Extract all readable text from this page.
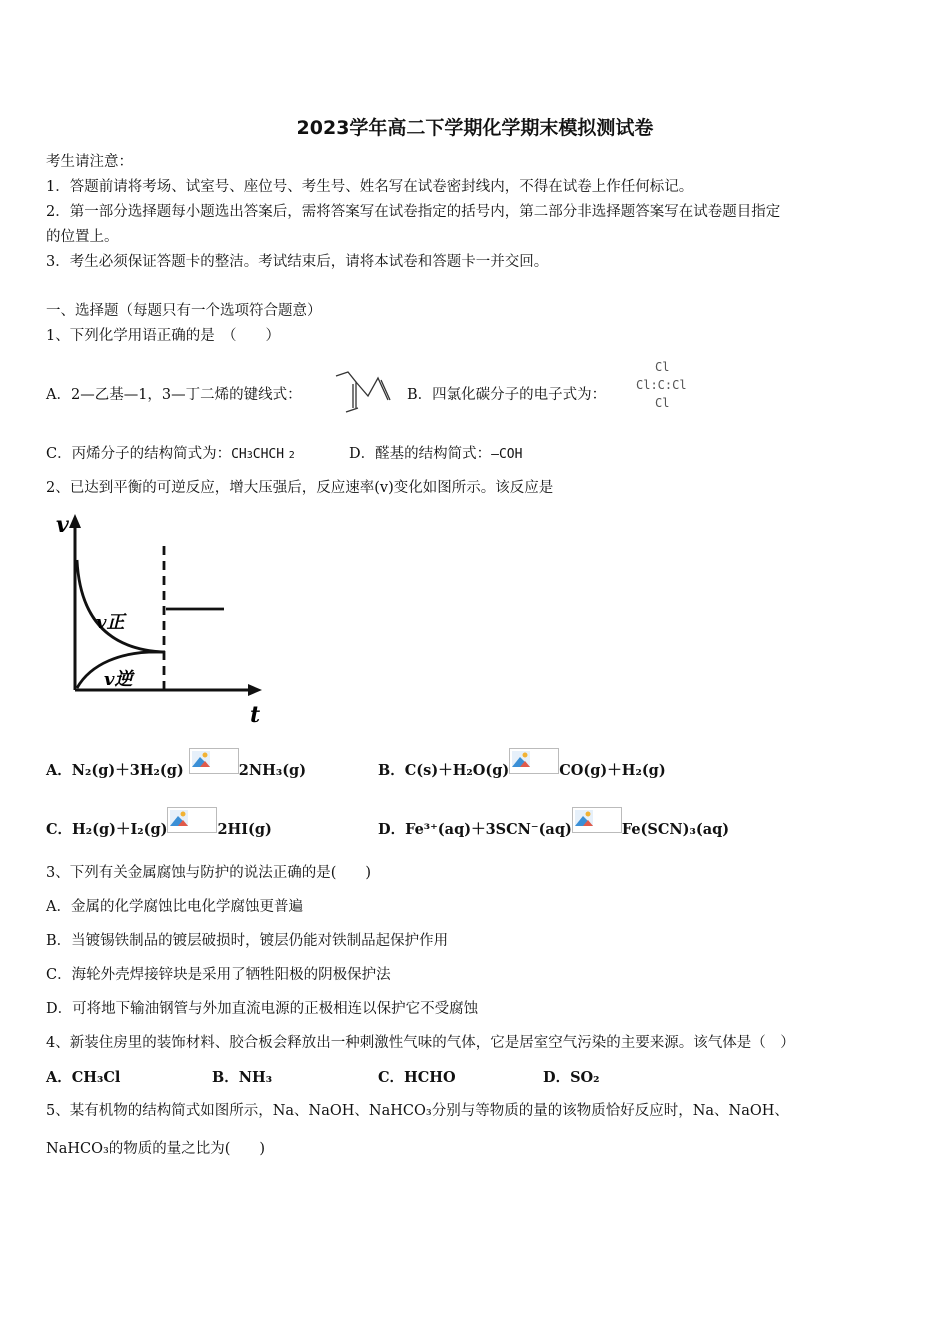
2023学年高二下学期化学期末模拟测试卷
考生请注意：
1．答题前请将考场、试室号、座位号、考生号、姓名写在试卷密封线内，不得在试卷上作任何标记。
2．第一部分选择题每小题选出答案后，需将答案写在试卷指定的括号内，第二部分非选择题答案写在试卷题目指定
的位置上。
3．考生必须保证答题卡的整洁。考试结束后，请将本试卷和答题卡一并交回。
一、选择题（每题只有一个选项符合题意）
1、下列化学用语正确的是　（　　）
A．2—乙基—1，3—丁二烯的键线式：	B．四氯化碳分子的电子式为：
Cl
Cl:C:Cl
Cl
C．丙烯分子的结构简式为：CH3CHCH 2	D．醛基的结构简式：—COH
2、已达到平衡的可逆反应，增大压强后，反应速率(v)变化如图所示。该反应是
v
t
v正
v逆
A．N₂(g)＋3H₂(g)	2NH₃(g)	B．C(s)＋H₂O(g)	CO(g)＋H₂(g)
C．H₂(g)＋I₂(g)	2HI(g)	D．Fe³⁺(aq)＋3SCN⁻(aq)	Fe(SCN)₃(aq)
3、下列有关金属腐蚀与防护的说法正确的是(　　)
A．金属的化学腐蚀比电化学腐蚀更普遍
B．当镀锡铁制品的镀层破损时，镀层仍能对铁制品起保护作用
C．海轮外壳焊接锌块是采用了牺牲阳极的阴极保护法
D．可将地下输油钢管与外加直流电源的正极相连以保护它不受腐蚀
4、新装住房里的装饰材料、胶合板会释放出一种刺激性气味的气体，它是居室空气污染的主要来源。该气体是（　）
A．CH₃Cl	B．NH₃	C．HCHO	D．SO₂
5、某有机物的结构简式如图所示，Na、NaOH、NaHCO₃分别与等物质的量的该物质恰好反应时，Na、NaOH、
NaHCO₃的物质的量之比为(　　)
